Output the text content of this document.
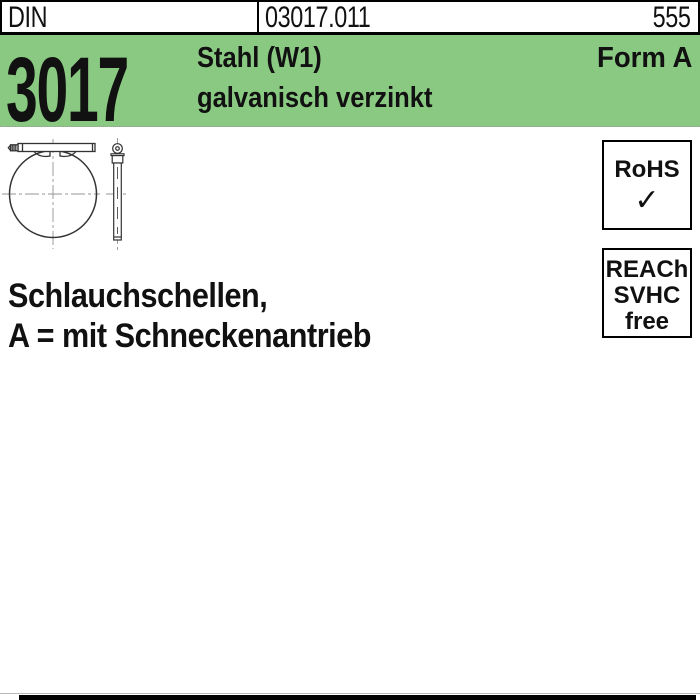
DIN	03017.011	555
3017 Stahl (W1)
galvanisch verzinkt
Form A
RoHS
✓
REACh
SVHC
free
Schlauchschellen,
A = mit Schneckenantrieb
